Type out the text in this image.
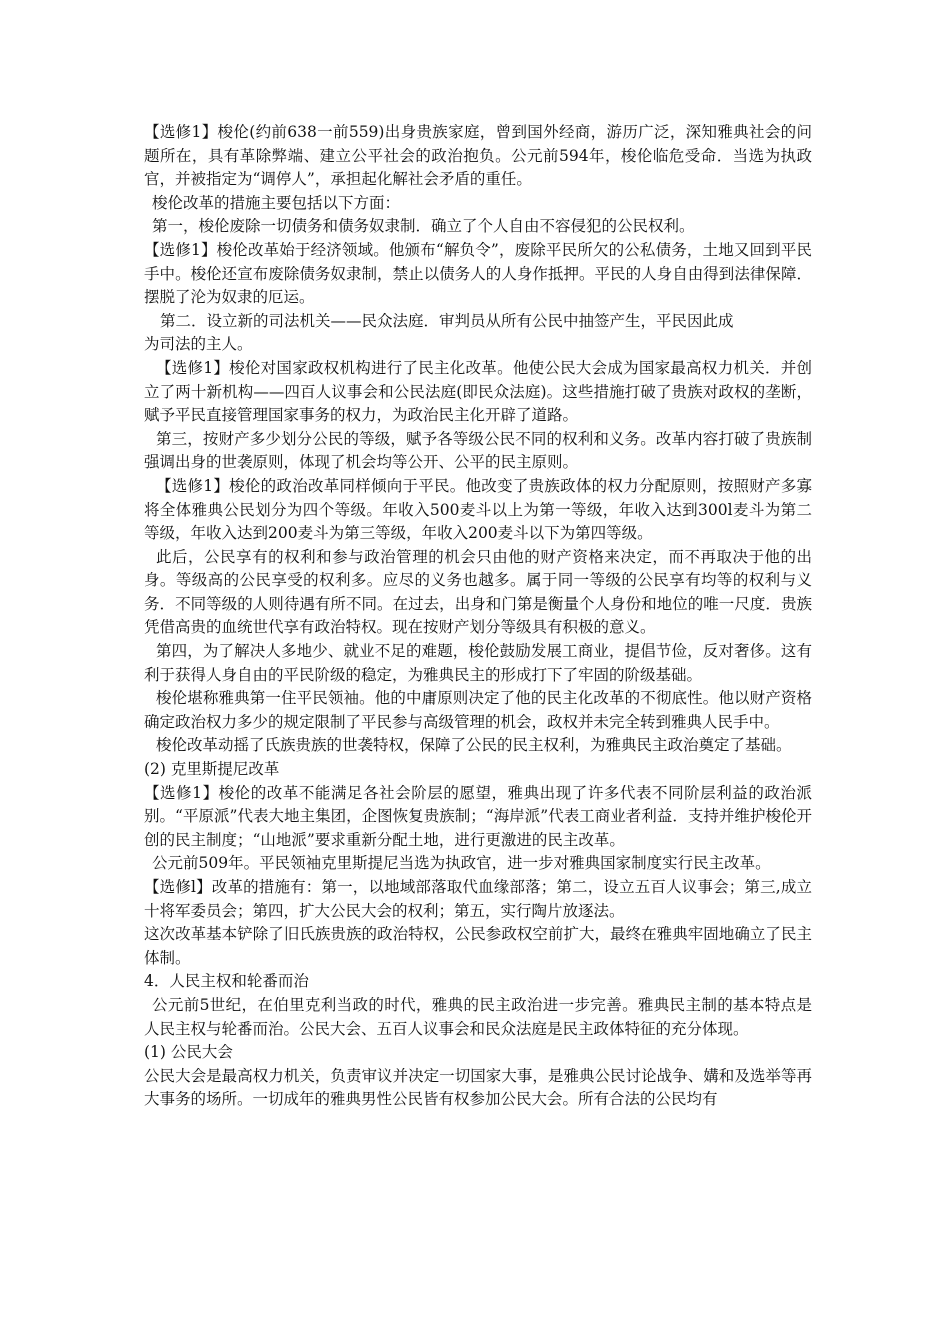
【选修1】梭伦(约前638一前559)出身贵族家庭，曾到国外经商，游历广泛，深知雅典社会的问题所在，具有革除弊端、建立公平社会的政治抱负。公元前594年，梭伦临危受命．当选为执政官，并被指定为“调停人”，承担起化解社会矛盾的重任。

梭伦改革的措施主要包括以下方面：

第一，梭伦废除一切债务和债务奴隶制．确立了个人自由不容侵犯的公民权利。

【选修1】梭伦改革始于经济领域。他颁布“解负令”，废除平民所欠的公私债务，土地又回到平民手中。梭伦还宣布废除债务奴隶制，禁止以债务人的人身作抵押。平民的人身自由得到法律保障．摆脱了沦为奴隶的厄运。

第二．设立新的司法机关——民众法庭．审判员从所有公民中抽签产生，平民因此成

为司法的主人。

【选修1】梭伦对国家政权机构进行了民主化改革。他使公民大会成为国家最高权力机关．并创立了两十新机构——四百人议事会和公民法庭(即民众法庭)。这些措施打破了贵族对政权的垄断，赋予平民直接管理国家事务的权力，为政治民主化开辟了道路。

第三，按财产多少划分公民的等级，赋予各等级公民不同的权利和义务。改革内容打破了贵族制强调出身的世袭原则，体现了机会均等公开、公平的民主原则。

【选修1】梭伦的政治改革同样倾向于平民。他改变了贵族政体的权力分配原则，按照财产多寡将全体雅典公民划分为四个等级。年收入500麦斗以上为第一等级，年收入达到300l麦斗为第二等级，年收入达到200麦斗为第三等级，年收入200麦斗以下为第四等级。

此后，公民享有的权利和参与政治管理的机会只由他的财产资格来决定，而不再取决于他的出身。等级高的公民享受的权利多。应尽的义务也越多。属于同一等级的公民享有均等的权利与义务．不同等级的人则待遇有所不同。在过去，出身和门第是衡量个人身份和地位的唯一尺度．贵族凭借高贵的血统世代享有政治特权。现在按财产划分等级具有积极的意义。

第四，为了解决人多地少、就业不足的难题，梭伦鼓励发展工商业，提倡节俭，反对奢侈。这有利于获得人身自由的平民阶级的稳定，为雅典民主的形成打下了牢固的阶级基础。

梭伦堪称雅典第一住平民领袖。他的中庸原则决定了他的民主化改革的不彻底性。他以财产资格确定政治权力多少的规定限制了平民参与高级管理的机会，政权并未完全转到雅典人民手中。

梭伦改革动摇了氏族贵族的世袭特权，保障了公民的民主权利，为雅典民主政治奠定了基础。

(2) 克里斯提尼改革

【选修1】梭伦的改革不能满足各社会阶层的愿望，雅典出现了许多代表不同阶层利益的政治派别。“平原派”代表大地主集团，企图恢复贵族制；“海岸派”代表工商业者利益．支持并维护梭伦开创的民主制度；“山地派”要求重新分配土地，进行更激进的民主改革。

公元前509年。平民领袖克里斯提尼当选为执政官，进一步对雅典国家制度实行民主改革。

【选修l】改革的措施有：第一，以地域部落取代血缘部落；第二，设立五百人议事会；第三,成立十将军委员会；第四，扩大公民大会的权利；第五，实行陶片放逐法。

这次改革基本铲除了旧氏族贵族的政治特权，公民参政权空前扩大，最终在雅典牢固地确立了民主体制。

4．人民主权和轮番而治

公元前5世纪，在伯里克利当政的时代，雅典的民主政治进一步完善。雅典民主制的基本特点是人民主权与轮番而治。公民大会、五百人议事会和民众法庭是民主政体特征的充分体现。

(1) 公民大会

公民大会是最高权力机关，负责审议并决定一切国家大事，是雅典公民讨论战争、媾和及选举等再大事务的场所。一切成年的雅典男性公民皆有权参加公民大会。所有合法的公民均有
